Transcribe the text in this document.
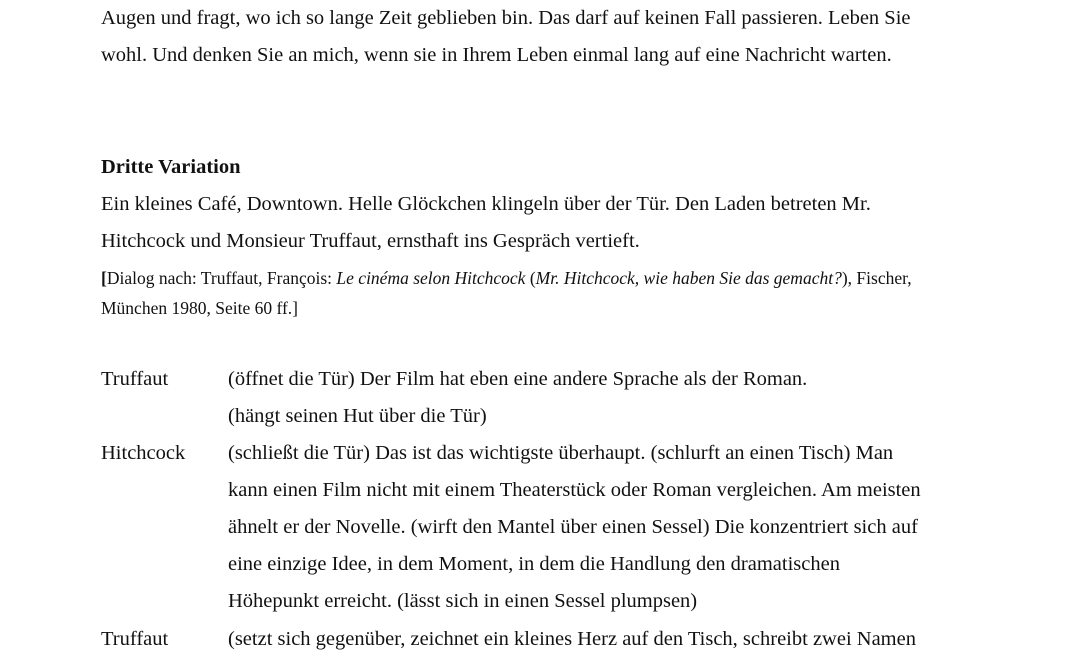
Augen und fragt, wo ich so lange Zeit geblieben bin. Das darf auf keinen Fall passieren. Leben Sie
wohl. Und denken Sie an mich, wenn sie in Ihrem Leben einmal lang auf eine Nachricht warten.
Dritte Variation
Ein kleines Café, Downtown. Helle Glöckchen klingeln über der Tür. Den Laden betreten Mr.
Hitchcock und Monsieur Truffaut, ernsthaft ins Gespräch vertieft.
[Dialog nach: Truffaut, François: Le cinéma selon Hitchcock (Mr. Hitchcock, wie haben Sie das gemacht?), Fischer,
München 1980, Seite 60 ff.]
Truffaut	(öffnet die Tür) Der Film hat eben eine andere Sprache als der Roman.
(hängt seinen Hut über die Tür)
Hitchcock (schließt die Tür) Das ist das wichtigste überhaupt. (schlurft an einen Tisch) Man
kann einen Film nicht mit einem Theaterstück oder Roman vergleichen. Am meisten
ähnelt er der Novelle. (wirft den Mantel über einen Sessel) Die konzentriert sich auf
eine einzige Idee, in dem Moment, in dem die Handlung den dramatischen
Höhepunkt erreicht. (lässt sich in einen Sessel plumpsen)
Truffaut	(setzt sich gegenüber, zeichnet ein kleines Herz auf den Tisch, schreibt zwei Namen
